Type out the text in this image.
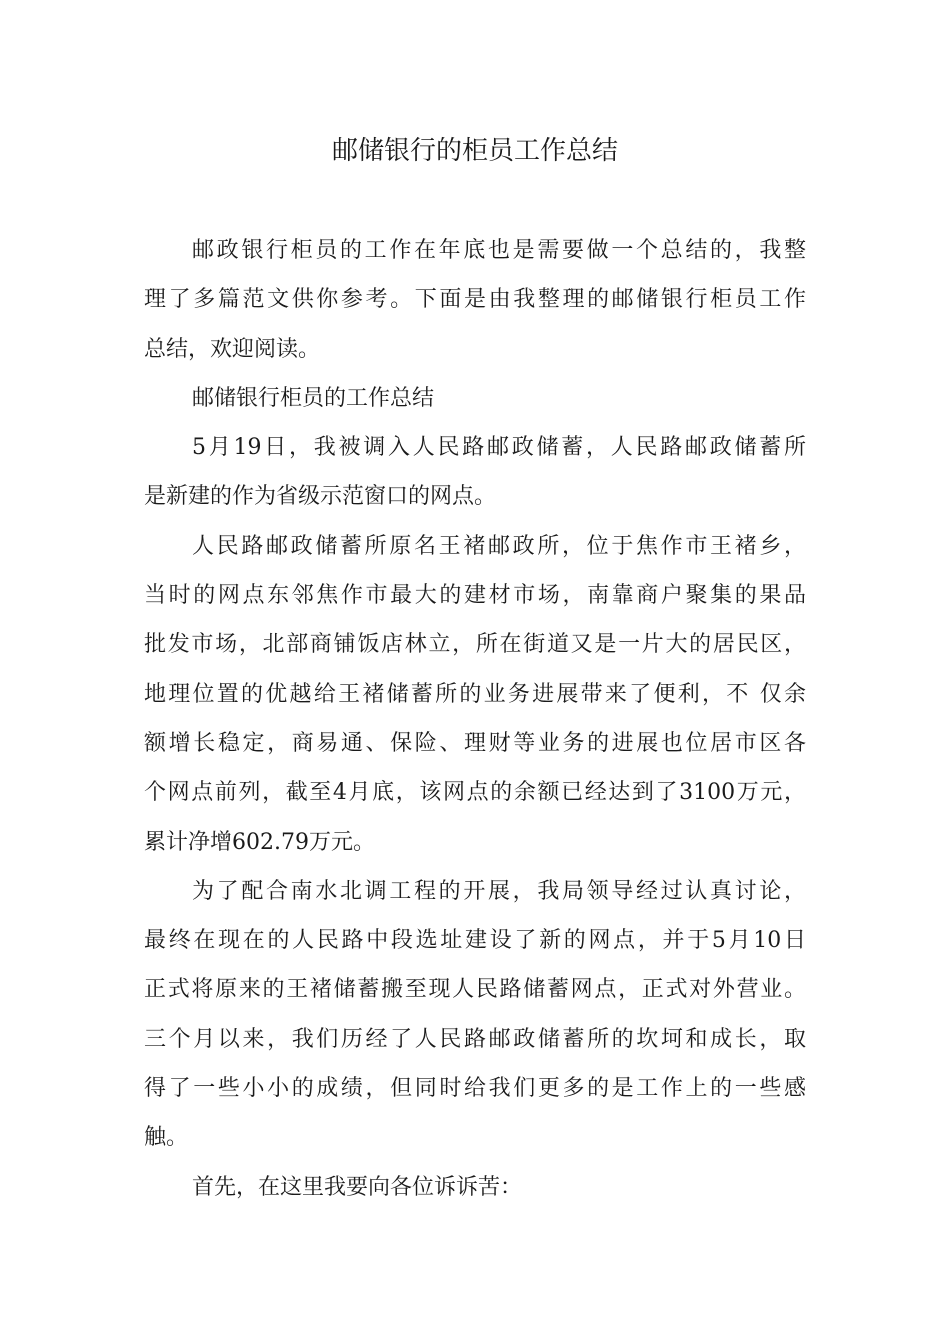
邮储银行的柜员工作总结
邮政银行柜员的工作在年底也是需要做一个总结的，我整
理了多篇范文供你参考。下面是由我整理的邮储银行柜员工作
总结，欢迎阅读。
邮储银行柜员的工作总结
5月19日，我被调入人民路邮政储蓄，人民路邮政储蓄所
是新建的作为省级示范窗口的网点。
人民路邮政储蓄所原名王褚邮政所，位于焦作市王褚乡，
当时的网点东邻焦作市最大的建材市场，南靠商户聚集的果品
批发市场，北部商铺饭店林立，所在街道又是一片大的居民区，
地理位置的优越给王褚储蓄所的业务进展带来了便利，不 仅余
额增长稳定，商易通、保险、理财等业务的进展也位居市区各
个网点前列，截至4月底，该网点的余额已经达到了3100万元，
累计净增602.79万元。
为了配合南水北调工程的开展，我局领导经过认真讨论，
最终在现在的人民路中段选址建设了新的网点，并于5月10日
正式将原来的王褚储蓄搬至现人民路储蓄网点，正式对外营业。
三个月以来，我们历经了人民路邮政储蓄所的坎坷和成长，取
得了一些小小的成绩，但同时给我们更多的是工作上的一些感
触。
首先，在这里我要向各位诉诉苦：
